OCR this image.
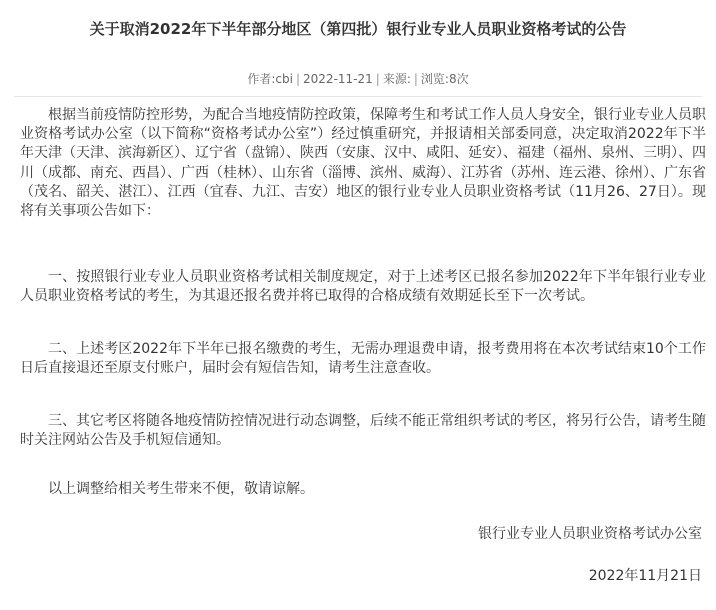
关于取消2022年下半年部分地区（第四批）银行业专业人员职业资格考试的公告
作者:cbi | 2022-11-21 | 来源: | 浏览:8次

根据当前疫情防控形势，为配合当地疫情防控政策，保障考生和考试工作人员人身安全，银行业专业人员职业资格考试办公室（以下简称“资格考试办公室”）经过慎重研究，并报请相关部委同意，决定取消2022年下半年天津（天津、滨海新区）、辽宁省（盘锦）、陕西（安康、汉中、咸阳、延安）、福建（福州、泉州、三明）、四川（成都、南充、西昌）、广西（桂林）、山东省（淄博、滨州、威海）、江苏省（苏州、连云港、徐州）、广东省（茂名、韶关、湛江）、江西（宜春、九江、吉安）地区的银行业专业人员职业资格考试（11月26、27日）。现将有关事项公告如下：

一、按照银行业专业人员职业资格考试相关制度规定，对于上述考区已报名参加2022年下半年银行业专业人员职业资格考试的考生，为其退还报名费并将已取得的合格成绩有效期延长至下一次考试。

二、上述考区2022年下半年已报名缴费的考生，无需办理退费申请，报考费用将在本次考试结束10个工作日后直接退还至原支付账户，届时会有短信告知，请考生注意查收。

三、其它考区将随各地疫情防控情况进行动态调整，后续不能正常组织考试的考区，将另行公告，请考生随时关注网站公告及手机短信通知。

以上调整给相关考生带来不便，敬请谅解。

银行业专业人员职业资格考试办公室
2022年11月21日
